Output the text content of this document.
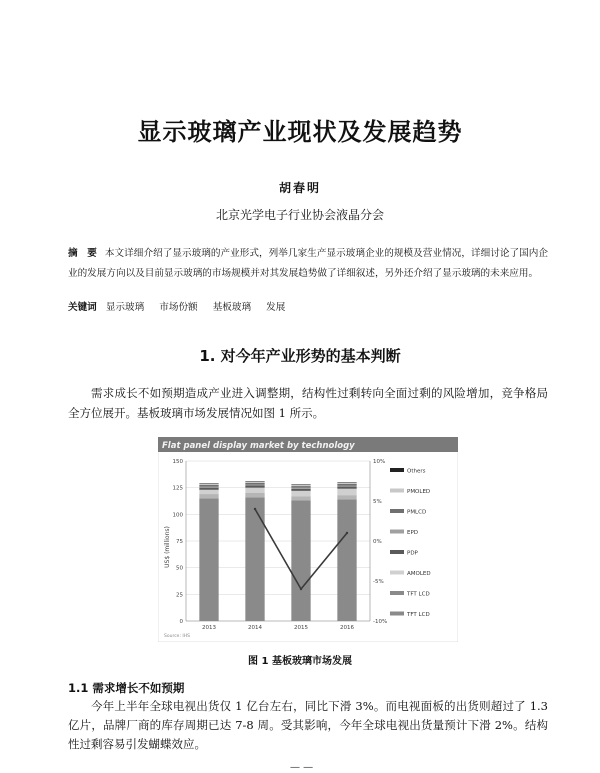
显示玻璃产业现状及发展趋势
胡春明
北京光学电子行业协会液晶分会
摘　要 本文详细介绍了显示玻璃的产业形式，列举几家生产显示玻璃企业的规模及营业情况，详细讨论了国内企业的发展方向以及目前显示玻璃的市场规模并对其发展趋势做了详细叙述，另外还介绍了显示玻璃的未来应用。
关键词 显示玻璃 市场份额 基板玻璃 发展
1. 对今年产业形势的基本判断
需求成长不如预期造成产业进入调整期，结构性过剩转向全面过剩的风险增加，竞争格局全方位展开。基板玻璃市场发展情况如图 1 所示。
Flat panel display market by technology
US$ (millions)
Source: IHS
0
25
50
75
100
125
150	10%
5%
0%
-5%
-10%
2013	2014	2015	2016
Others
PMOLED
PMLCD
EPD
PDP
AMOLED
TFT LCD
TFT LCD
图 1 基板玻璃市场发展
1.1 需求增长不如预期
今年上半年全球电视出货仅 1 亿台左右，同比下滑 3%。而电视面板的出货则超过了 1.3 亿片，品牌厂商的库存周期已达 7-8 周。受其影响，今年全球电视出货量预计下滑 2%。结构性过剩容易引发蝴蝶效应。
— —
